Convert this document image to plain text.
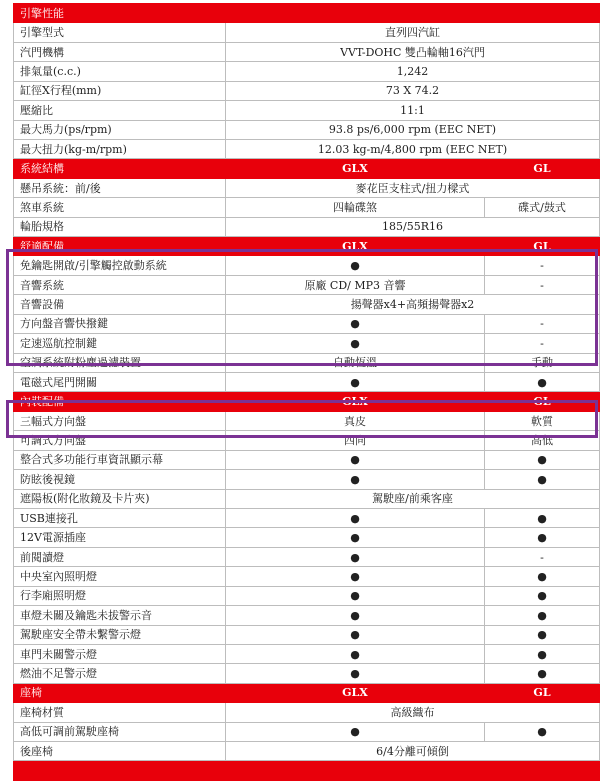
引擎性能		
引擎型式	直列四汽缸	
汽門機構	VVT-DOHC 雙凸輪軸16汽門	
排氣量(c.c.)	1,242	
缸徑X行程(mm)	73 X 74.2	
壓縮比	11:1	
最大馬力(ps/rpm)	93.8 ps/6,000 rpm (EEC NET)	
最大扭力(kg-m/rpm)	12.03 kg-m/4,800 rpm (EEC NET)	
系統結構	GLX	GL
懸吊系統：前/後	麥花臣支柱式/扭力樑式	
煞車系統	四輪碟煞	碟式/鼓式
輪胎規格	185/55R16	
舒適配備	GLX	GL
免鑰匙開啟/引擎觸控啟動系統	●	-
音響系統	原廠 CD/ MP3 音響	-
音響設備	揚聲器x4+高頻揚聲器x2	
方向盤音響快撥鍵	●	-
定速巡航控制鍵	●	-
空調系統附粉塵過濾裝置	自動恆溫	手動
電磁式尾門開關	●	●
內裝配備	GLX	GL
三幅式方向盤	真皮	軟質
可調式方向盤	四向	高低
整合式多功能行車資訊顯示幕	●	●
防眩後視鏡	●	●
遮陽板(附化妝鏡及卡片夾)	駕駛座/前乘客座	
USB連接孔	●	●
12V電源插座	●	●
前閱讀燈	●	-
中央室內照明燈	●	●
行李廂照明燈	●	●
車燈未關及鑰匙未拔警示音	●	●
駕駛座安全帶未繫警示燈	●	●
車門未關警示燈	●	●
燃油不足警示燈	●	●
座椅	GLX	GL
座椅材質	高級織布	
高低可調前駕駛座椅	●	●
後座椅	6/4分離可傾倒	
